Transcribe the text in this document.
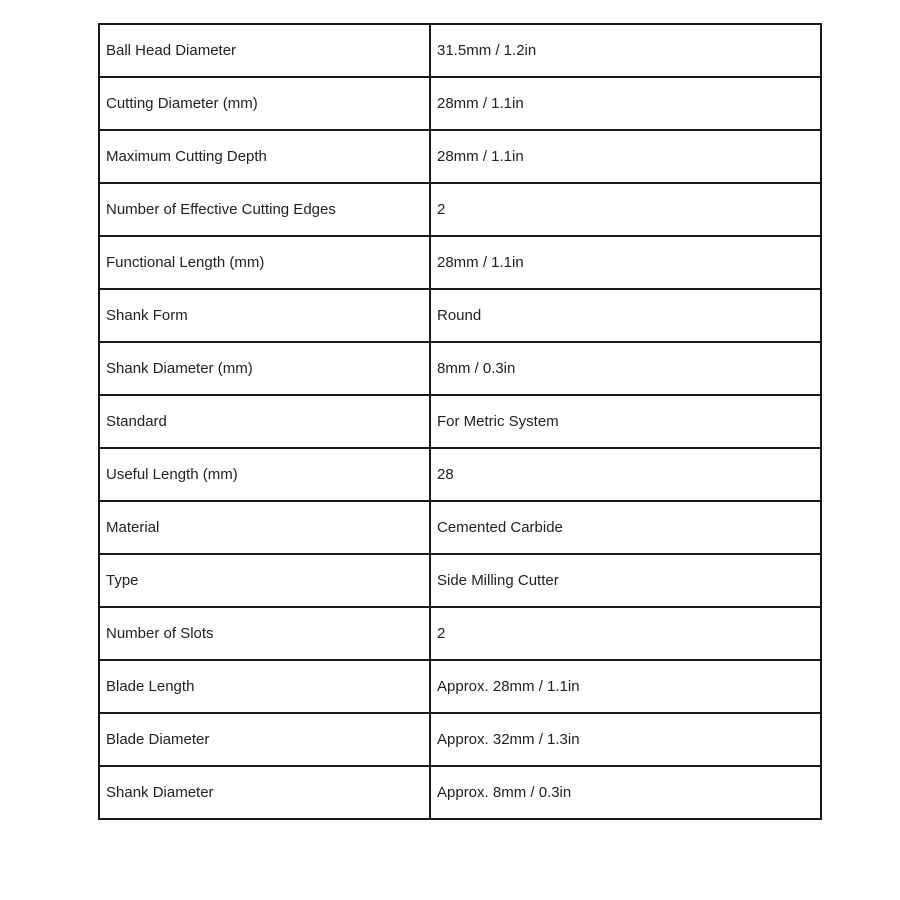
Ball Head Diameter	31.5mm / 1.2in
Cutting Diameter (mm)	28mm / 1.1in
Maximum Cutting Depth	28mm / 1.1in
Number of Effective Cutting Edges	2
Functional Length (mm)	28mm / 1.1in
Shank Form	Round
Shank Diameter (mm)	8mm / 0.3in
Standard	For Metric System
Useful Length (mm)	28
Material	Cemented Carbide
Type	Side Milling Cutter
Number of Slots	2
Blade Length	Approx. 28mm / 1.1in
Blade Diameter	Approx. 32mm / 1.3in
Shank Diameter	Approx. 8mm / 0.3in
